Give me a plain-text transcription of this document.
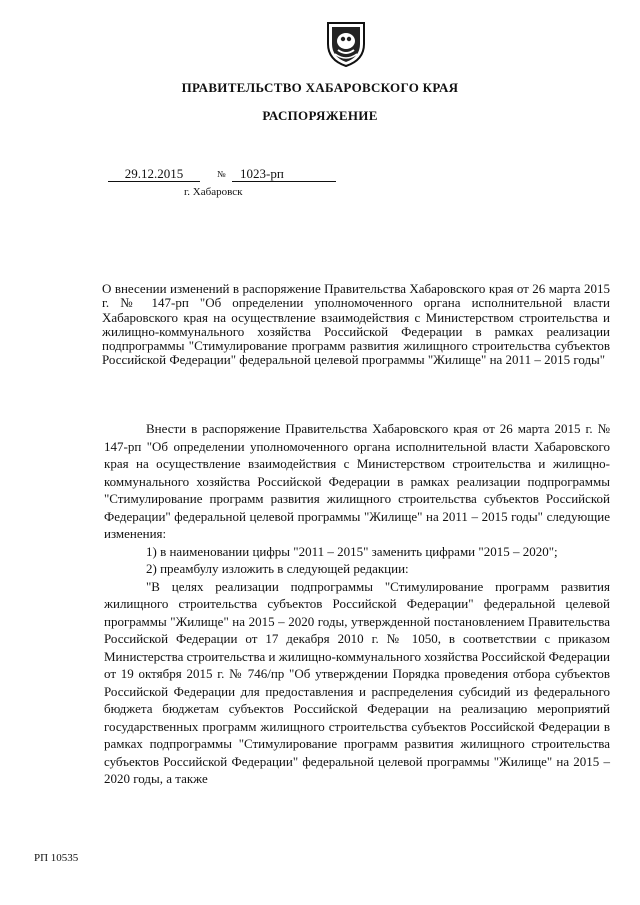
ПРАВИТЕЛЬСТВО ХАБАРОВСКОГО КРАЯ
РАСПОРЯЖЕНИЕ
29.12.2015	№	1023-рп
г. Хабаровск
О внесении изменений в распоряжение Правительства Хабаровского края от 26 марта 2015 г. № 147-рп "Об определении уполномоченного органа исполнительной власти Хабаровского края на осуществление взаимодействия с Министерством строительства и жилищно-коммунального хозяйства Российской Федерации в рамках реализации подпрограммы "Стимулирование программ развития жилищного строительства субъектов Российской Федерации" федеральной целевой программы "Жилище" на 2011 – 2015 годы"

Внести в распоряжение Правительства Хабаровского края от 26 марта 2015 г. № 147-рп "Об определении уполномоченного органа исполнительной власти Хабаровского края на осуществление взаимодействия с Министерством строительства и жилищно-коммунального хозяйства Российской Федерации в рамках реализации подпрограммы "Стимулирование программ развития жилищного строительства субъектов Российской Федерации" федеральной целевой программы "Жилище" на 2011 – 2015 годы" следующие изменения:

1) в наименовании цифры "2011 – 2015" заменить цифрами "2015 – 2020";

2) преамбулу изложить в следующей редакции:

"В целях реализации подпрограммы "Стимулирование программ развития жилищного строительства субъектов Российской Федерации" федеральной целевой программы "Жилище" на 2015 – 2020 годы, утвержденной постановлением Правительства Российской Федерации от 17 декабря 2010 г. № 1050, в соответствии с приказом Министерства строительства и жилищно-коммунального хозяйства Российской Федерации от 19 октября 2015 г. № 746/пр "Об утверждении Порядка проведения отбора субъектов Российской Федерации для предоставления и распределения субсидий из федерального бюджета бюджетам субъектов Российской Федерации на реализацию мероприятий государственных программ жилищного строительства субъектов Российской Федерации в рамках подпрограммы "Стимулирование программ развития жилищного строительства субъектов Российской Федерации" федеральной целевой программы "Жилище" на 2015 – 2020 годы, а также

РП 10535
